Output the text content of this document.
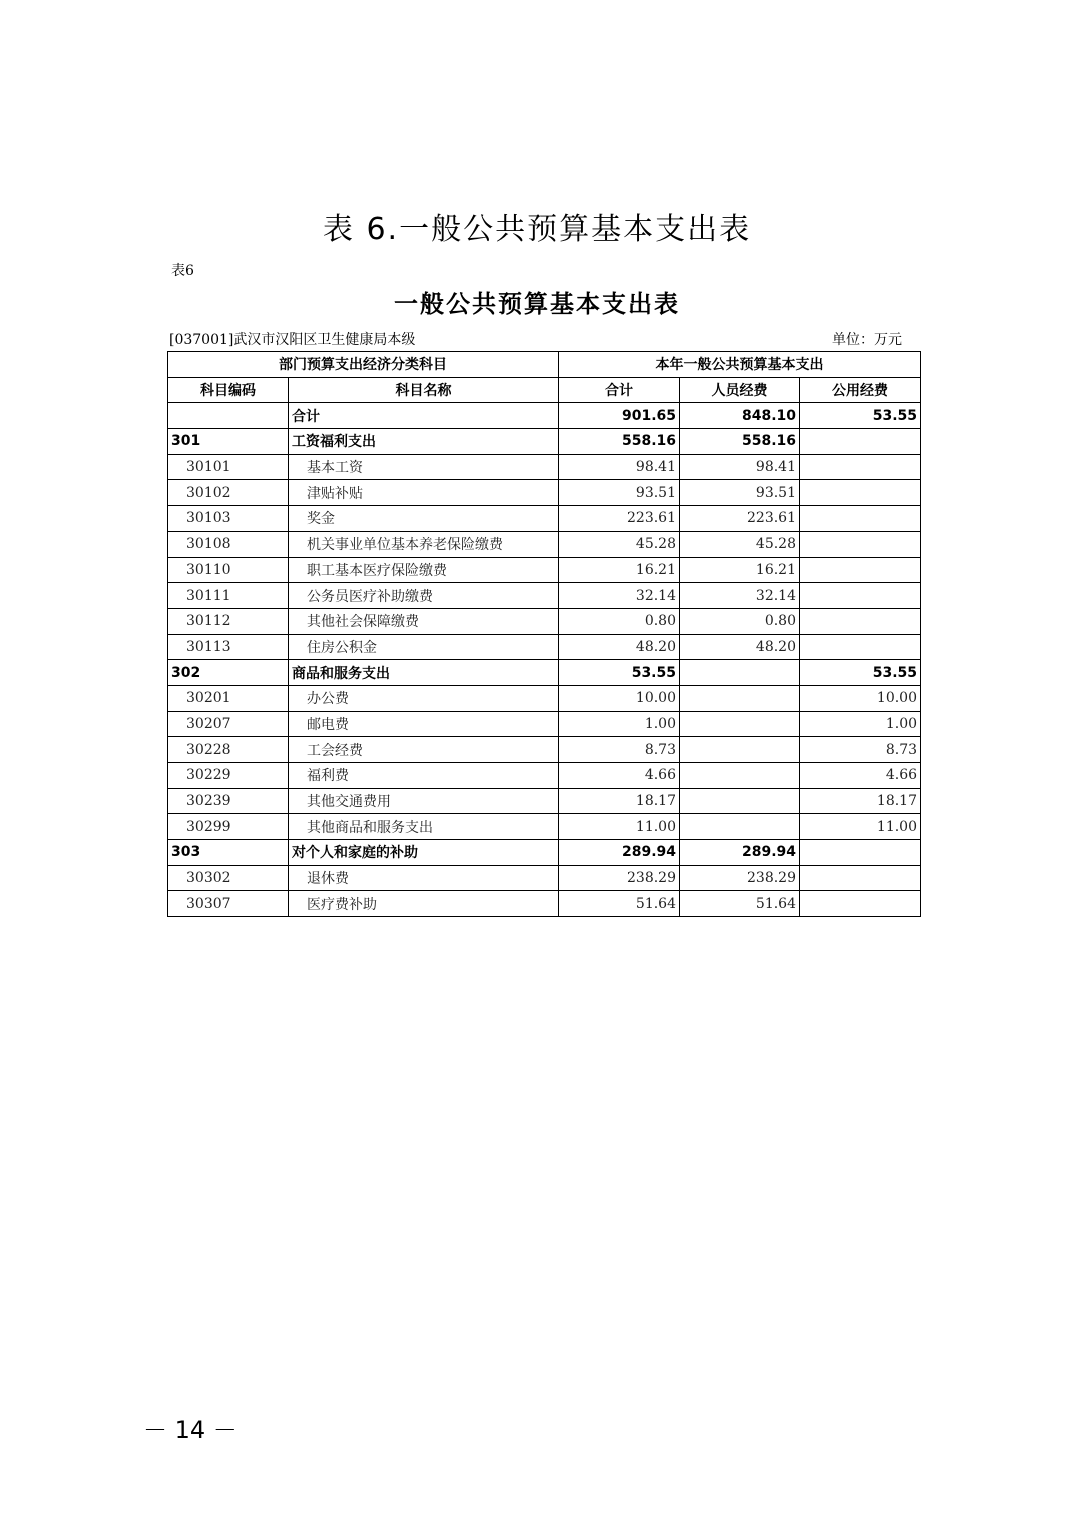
表 6.一般公共预算基本支出表
表6
一般公共预算基本支出表
[037001]武汉市汉阳区卫生健康局本级	单位：万元
部门预算支出经济分类科目		本年一般公共预算基本支出		
科目编码	科目名称	合计	人员经费	公用经费
	合计	901.65	848.10	53.55
301	工资福利支出	558.16	558.16	
30101	基本工资	98.41	98.41	
30102	津贴补贴	93.51	93.51	
30103	奖金	223.61	223.61	
30108	机关事业单位基本养老保险缴费	45.28	45.28	
30110	职工基本医疗保险缴费	16.21	16.21	
30111	公务员医疗补助缴费	32.14	32.14	
30112	其他社会保障缴费	0.80	0.80	
30113	住房公积金	48.20	48.20	
302	商品和服务支出	53.55		53.55
30201	办公费	10.00		10.00
30207	邮电费	1.00		1.00
30228	工会经费	8.73		8.73
30229	福利费	4.66		4.66
30239	其他交通费用	18.17		18.17
30299	其他商品和服务支出	11.00		11.00
303	对个人和家庭的补助	289.94	289.94	
30302	退休费	238.29	238.29	
30307	医疗费补助	51.64	51.64	
－ 14 －
